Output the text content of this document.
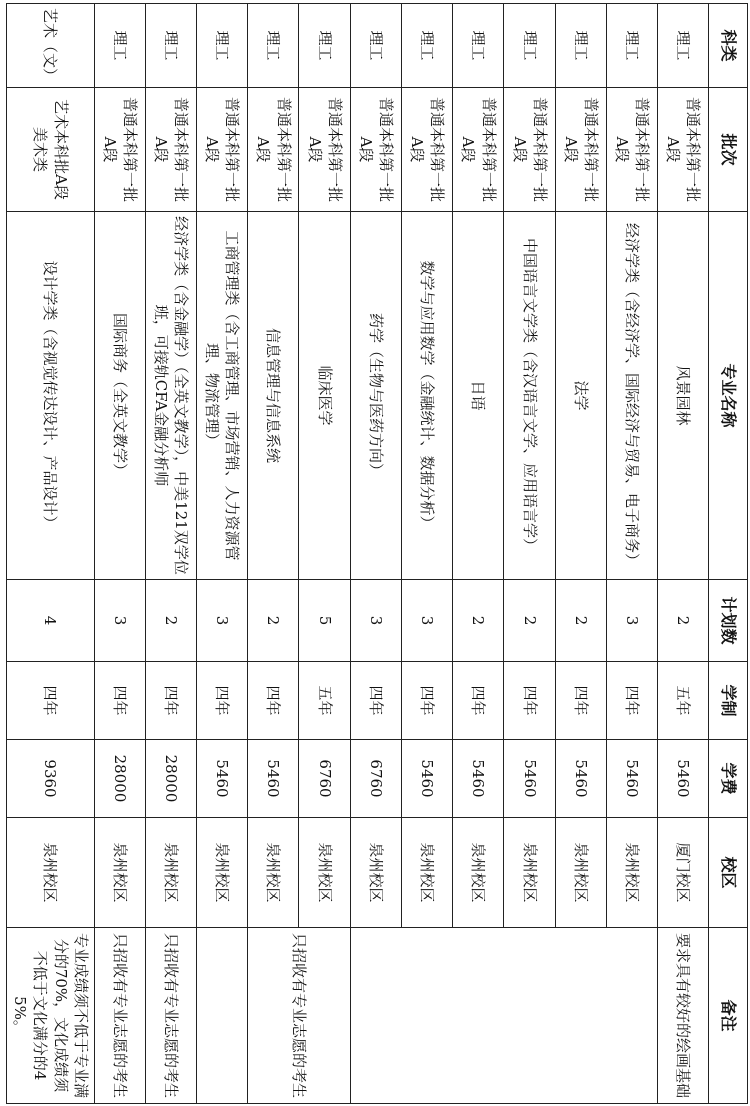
科类	批次	专业名称	计划数	学制	学费	校区	备注
理工	普通本科第一批A段	风景园林	2	五年	5460	厦门校区	要求具有较好的绘画基础
理工	普通本科第一批A段	经济学类（含经济学、国际经济与贸易、电子商务）	3	四年	5460	泉州校区	
理工	普通本科第一批A段	法学	2	四年	5460	泉州校区	
理工	普通本科第一批A段	中国语言文学类（含汉语言文学、应用语言学）	2	四年	5460	泉州校区	
理工	普通本科第一批A段	日语	2	四年	5460	泉州校区	
理工	普通本科第一批A段	数学与应用数学（金融统计、数据分析）	3	四年	5460	泉州校区	
理工	普通本科第一批A段	药学（生物与医药方向）	3	四年	6760	泉州校区	
理工	普通本科第一批A段	临床医学	5	五年	6760	泉州校区	只招收有专业志愿的考生
理工	普通本科第一批A段	信息管理与信息系统	2	四年	5460	泉州校区	
理工	普通本科第一批A段	工商管理类（含工商管理、市场营销、人力资源管理、物流管理）	3	四年	5460	泉州校区	
理工	普通本科第一批A段	经济学类（含金融学）（全英文教学），中美121双学位班，可接轨CFA金融分析师	2	四年	28000	泉州校区	只招收有专业志愿的考生
理工	普通本科第一批A段	国际商务（全英文教学）	3	四年	28000	泉州校区	只招收有专业志愿的考生
艺术（文）	艺术本科批A段美术类	设计学类（含视觉传达设计、产品设计）	4	四年	9360	泉州校区	专业成绩须不低于专业满分的70%，文化成绩须不低于文化满分的45%。
